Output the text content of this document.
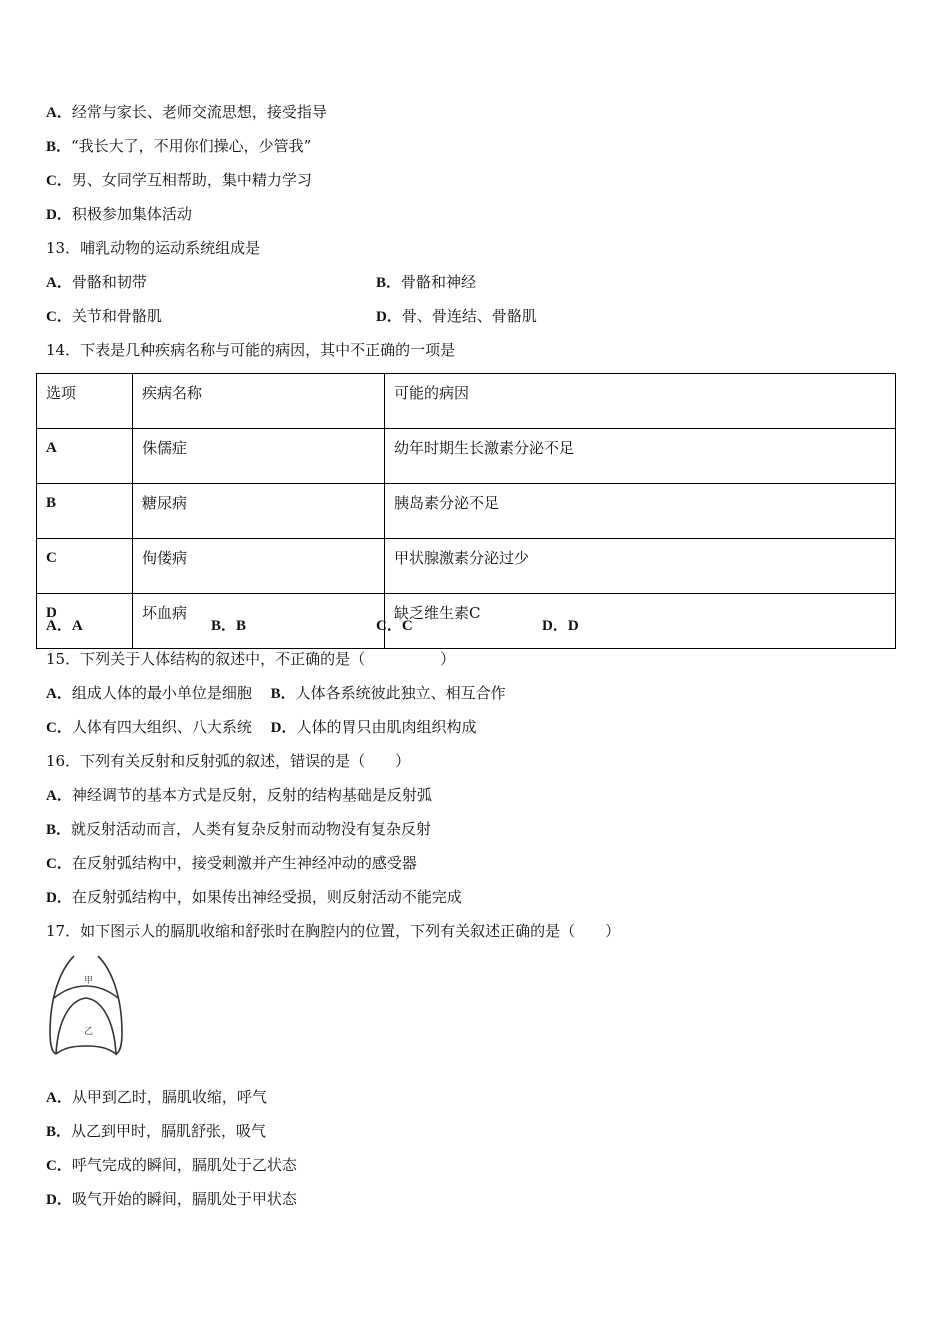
A．经常与家长、老师交流思想，接受指导
B．“我长大了，不用你们操心，少管我”
C．男、女同学互相帮助，集中精力学习
D．积极参加集体活动
13．哺乳动物的运动系统组成是
A．骨骼和韧带	B．骨骼和神经
C．关节和骨骼肌	D．骨、骨连结、骨骼肌
14．下表是几种疾病名称与可能的病因，其中不正确的一项是
选项	疾病名称	可能的病因
A	侏儒症	幼年时期生长激素分泌不足
B	糖尿病	胰岛素分泌不足
C	佝偻病	甲状腺激素分泌过少
D	坏血病	缺乏维生素C
A．A	B．B	C．C	D．D
15．下列关于人体结构的叙述中，不正确的是（　　　　　）
A．组成人体的最小单位是细胞 B．人体各系统彼此独立、相互合作
C．人体有四大组织、八大系统 D．人体的胃只由肌肉组织构成
16．下列有关反射和反射弧的叙述，错误的是（　　）
A．神经调节的基本方式是反射，反射的结构基础是反射弧
B．就反射活动而言，人类有复杂反射而动物没有复杂反射
C．在反射弧结构中，接受刺激并产生神经冲动的感受器
D．在反射弧结构中，如果传出神经受损，则反射活动不能完成
17．如下图示人的膈肌收缩和舒张时在胸腔内的位置，下列有关叙述正确的是（　　）
甲
乙
A．从甲到乙时，膈肌收缩，呼气
B．从乙到甲时，膈肌舒张，吸气
C．呼气完成的瞬间，膈肌处于乙状态
D．吸气开始的瞬间，膈肌处于甲状态
